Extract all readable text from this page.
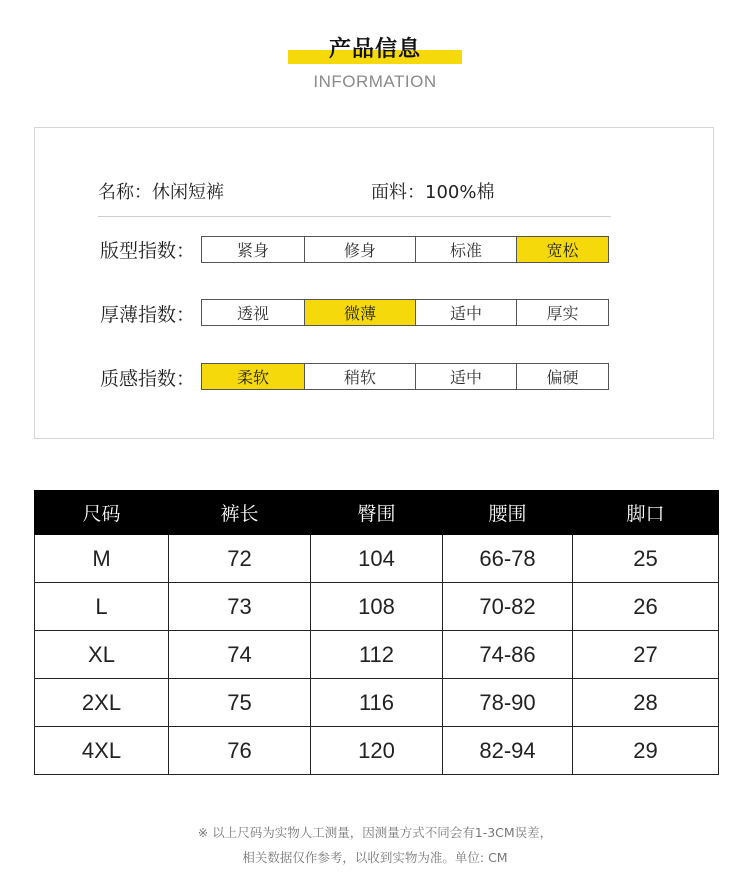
产品信息
INFORMATION
名称：休闲短裤	面料：100%棉
版型指数：	紧身	修身	标准	宽松
厚薄指数：	透视	微薄	适中	厚实
质感指数：	柔软	稍软	适中	偏硬
尺码	裤长	臀围	腰围	脚口
M	72	104	66-78	25
L	73	108	70-82	26
XL	74	112	74-86	27
2XL	75	116	78-90	28
4XL	76	120	82-94	29
※ 以上尺码为实物人工测量，因测量方式不同会有1-3CM误差，
相关数据仅作参考，以收到实物为准。单位: CM
